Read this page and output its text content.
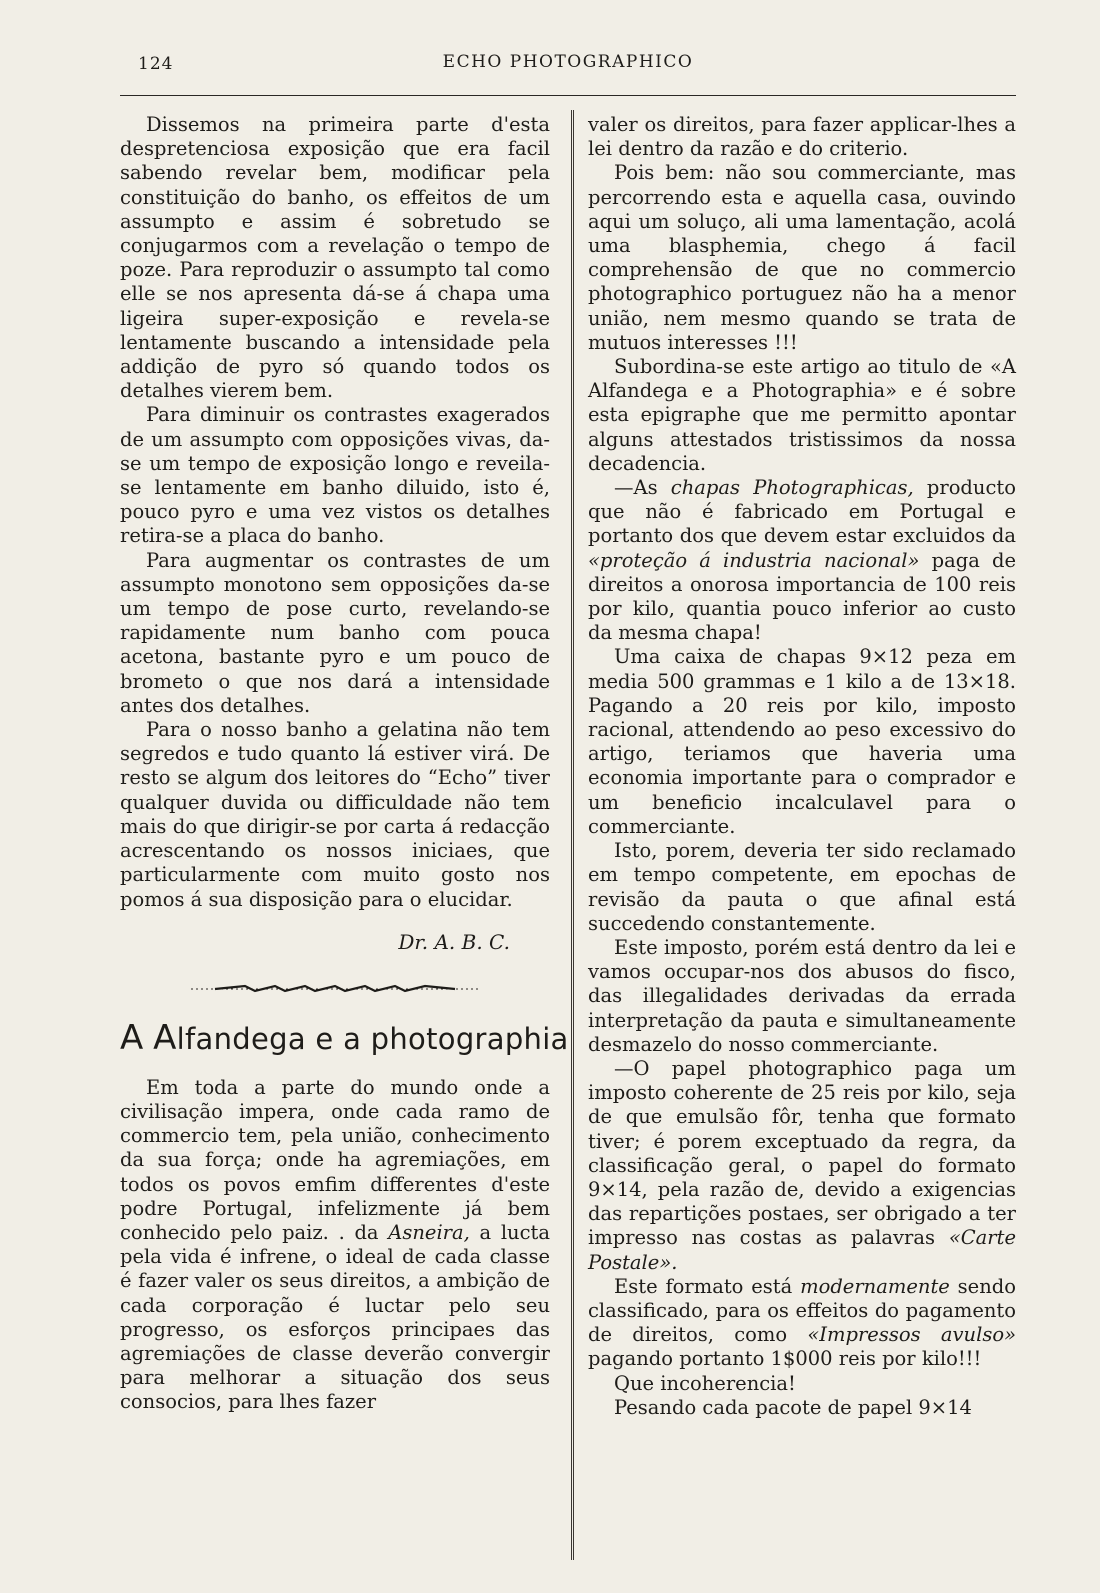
124	ECHO PHOTOGRAPHICO

Dissemos na primeira parte d'esta despretenciosa exposição que era facil sabendo revelar bem, modificar pela constituição do banho, os effeitos de um assumpto e assim é sobretudo se conjugarmos com a revelação o tempo de poze. Para reproduzir o assumpto tal como elle se nos apresenta dá-se á chapa uma ligeira super-exposição e revela-se lentamente buscando a intensidade pela addição de pyro só quando todos os detalhes vierem bem.

Para diminuir os contrastes exagerados de um assumpto com opposições vivas, da-se um tempo de exposição longo e reveila-se lentamente em banho diluido, isto é, pouco pyro e uma vez vistos os detalhes retira-se a placa do banho.

Para augmentar os contrastes de um assumpto monotono sem opposições da-se um tempo de pose curto, revelando-se rapidamente num banho com pouca acetona, bastante pyro e um pouco de brometo o que nos dará a intensidade antes dos detalhes.

Para o nosso banho a gelatina não tem segredos e tudo quanto lá estiver virá. De resto se algum dos leitores do “Echo” tiver qualquer duvida ou difficuldade não tem mais do que dirigir-se por carta á redacção acrescentando os nossos iniciaes, que particularmente com muito gosto nos pomos á sua disposição para o elucidar.

Dr. A. B. C.
A Alfandega e a photographia

Em toda a parte do mundo onde a civilisação impera, onde cada ramo de commercio tem, pela união, conhecimento da sua força; onde ha agremiações, em todos os povos emfim differentes d'este podre Portugal, infelizmente já bem conhecido pelo paiz. . da Asneira, a lucta pela vida é infrene, o ideal de cada classe é fazer valer os seus direitos, a ambição de cada corporação é luctar pelo seu progresso, os esforços principaes das agremiações de classe deverão convergir para melhorar a situação dos seus consocios, para lhes fazer

valer os direitos, para fazer applicar-lhes a lei dentro da razão e do criterio.

Pois bem: não sou commerciante, mas percorrendo esta e aquella casa, ouvindo aqui um soluço, ali uma lamentação, acolá uma blasphemia, chego á facil comprehensão de que no commercio photographico portuguez não ha a menor união, nem mesmo quando se trata de mutuos interesses !!!

Subordina-se este artigo ao titulo de «A Alfandega e a Photographia» e é sobre esta epigraphe que me permitto apontar alguns attestados tristissimos da nossa decadencia.

—As chapas Photographicas, producto que não é fabricado em Portugal e portanto dos que devem estar excluidos da «proteção á industria nacional» paga de direitos a onorosa importancia de 100 reis por kilo, quantia pouco inferior ao custo da mesma chapa!

Uma caixa de chapas 9×12 peza em media 500 grammas e 1 kilo a de 13×18. Pagando a 20 reis por kilo, imposto racional, attendendo ao peso excessivo do artigo, teriamos que haveria uma economia importante para o comprador e um beneficio incalculavel para o commerciante.

Isto, porem, deveria ter sido reclamado em tempo competente, em epochas de revisão da pauta o que afinal está succedendo constantemente.

Este imposto, porém está dentro da lei e vamos occupar-nos dos abusos do fisco, das illegalidades derivadas da errada interpretação da pauta e simultaneamente desmazelo do nosso commerciante.

—O papel photographico paga um imposto coherente de 25 reis por kilo, seja de que emulsão fôr, tenha que formato tiver; é porem exceptuado da regra, da classificação geral, o papel do formato 9×14, pela razão de, devido a exigencias das repartições postaes, ser obrigado a ter impresso nas costas as palavras «Carte Postale».

Este formato está modernamente sendo classificado, para os effeitos do pagamento de direitos, como «Impressos avulso» pagando portanto 1$000 reis por kilo!!!

Que incoherencia!

Pesando cada pacote de papel 9×14
